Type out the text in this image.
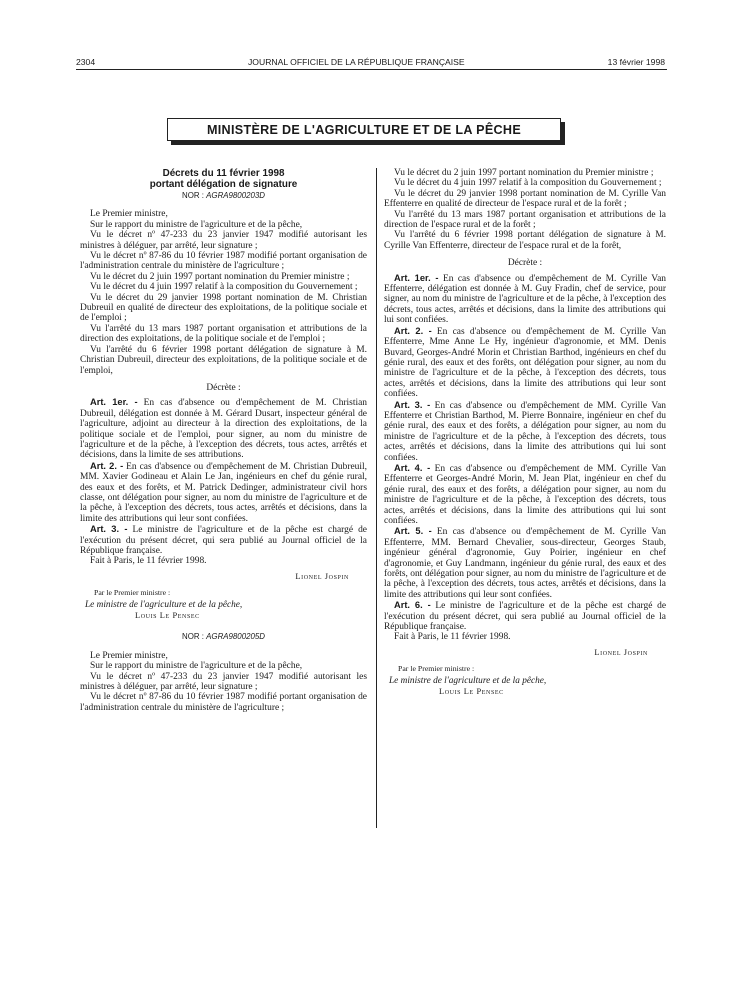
2304	JOURNAL OFFICIEL DE LA RÉPUBLIQUE FRANÇAISE	13 février 1998
MINISTÈRE DE L'AGRICULTURE ET DE LA PÊCHE
Décrets du 11 février 1998
portant délégation de signature
NOR : AGRA9800203D

Le Premier ministre,

Sur le rapport du ministre de l'agriculture et de la pêche,

Vu le décret nº 47-233 du 23 janvier 1947 modifié autorisant les ministres à déléguer, par arrêté, leur signature ;

Vu le décret nº 87-86 du 10 février 1987 modifié portant organisation de l'administration centrale du ministère de l'agriculture ;

Vu le décret du 2 juin 1997 portant nomination du Premier ministre ;

Vu le décret du 4 juin 1997 relatif à la composition du Gouvernement ;

Vu le décret du 29 janvier 1998 portant nomination de M. Christian Dubreuil en qualité de directeur des exploitations, de la politique sociale et de l'emploi ;

Vu l'arrêté du 13 mars 1987 portant organisation et attributions de la direction des exploitations, de la politique sociale et de l'emploi ;

Vu l'arrêté du 6 février 1998 portant délégation de signature à M. Christian Dubreuil, directeur des exploitations, de la politique sociale et de l'emploi,

Décrète :

Art. 1er. - En cas d'absence ou d'empêchement de M. Christian Dubreuil, délégation est donnée à M. Gérard Dusart, inspecteur général de l'agriculture, adjoint au directeur à la direction des exploitations, de la politique sociale et de l'emploi, pour signer, au nom du ministre de l'agriculture et de la pêche, à l'exception des décrets, tous actes, arrêtés et décisions, dans la limite de ses attributions.

Art. 2. - En cas d'absence ou d'empêchement de M. Christian Dubreuil, MM. Xavier Godineau et Alain Le Jan, ingénieurs en chef du génie rural, des eaux et des forêts, et M. Patrick Dedinger, administrateur civil hors classe, ont délégation pour signer, au nom du ministre de l'agriculture et de la pêche, à l'exception des décrets, tous actes, arrêtés et décisions, dans la limite des attributions qui leur sont confiées.

Art. 3. - Le ministre de l'agriculture et de la pêche est chargé de l'exécution du présent décret, qui sera publié au Journal officiel de la République française.

Fait à Paris, le 11 février 1998.

Lionel Jospin
Par le Premier ministre :
Le ministre de l'agriculture et de la pêche,
Louis Le Pensec
NOR : AGRA9800205D

Le Premier ministre,

Sur le rapport du ministre de l'agriculture et de la pêche,

Vu le décret nº 47-233 du 23 janvier 1947 modifié autorisant les ministres à déléguer, par arrêté, leur signature ;

Vu le décret nº 87-86 du 10 février 1987 modifié portant organisation de l'administration centrale du ministère de l'agriculture ;

Vu le décret du 2 juin 1997 portant nomination du Premier ministre ;

Vu le décret du 4 juin 1997 relatif à la composition du Gouvernement ;

Vu le décret du 29 janvier 1998 portant nomination de M. Cyrille Van Effenterre en qualité de directeur de l'espace rural et de la forêt ;

Vu l'arrêté du 13 mars 1987 portant organisation et attributions de la direction de l'espace rural et de la forêt ;

Vu l'arrêté du 6 février 1998 portant délégation de signature à M. Cyrille Van Effenterre, directeur de l'espace rural et de la forêt,

Décrète :

Art. 1er. - En cas d'absence ou d'empêchement de M. Cyrille Van Effenterre, délégation est donnée à M. Guy Fradin, chef de service, pour signer, au nom du ministre de l'agriculture et de la pêche, à l'exception des décrets, tous actes, arrêtés et décisions, dans la limite des attributions qui lui sont confiées.

Art. 2. - En cas d'absence ou d'empêchement de M. Cyrille Van Effenterre, Mme Anne Le Hy, ingénieur d'agronomie, et MM. Denis Buvard, Georges-André Morin et Christian Barthod, ingénieurs en chef du génie rural, des eaux et des forêts, ont délégation pour signer, au nom du ministre de l'agriculture et de la pêche, à l'exception des décrets, tous actes, arrêtés et décisions, dans la limite des attributions qui leur sont confiées.

Art. 3. - En cas d'absence ou d'empêchement de MM. Cyrille Van Effenterre et Christian Barthod, M. Pierre Bonnaire, ingénieur en chef du génie rural, des eaux et des forêts, a délégation pour signer, au nom du ministre de l'agriculture et de la pêche, à l'exception des décrets, tous actes, arrêtés et décisions, dans la limite des attributions qui lui sont confiées.

Art. 4. - En cas d'absence ou d'empêchement de MM. Cyrille Van Effenterre et Georges-André Morin, M. Jean Plat, ingénieur en chef du génie rural, des eaux et des forêts, a délégation pour signer, au nom du ministre de l'agriculture et de la pêche, à l'exception des décrets, tous actes, arrêtés et décisions, dans la limite des attributions qui lui sont confiées.

Art. 5. - En cas d'absence ou d'empêchement de M. Cyrille Van Effenterre, MM. Bernard Chevalier, sous-directeur, Georges Staub, ingénieur général d'agronomie, Guy Poirier, ingénieur en chef d'agronomie, et Guy Landmann, ingénieur du génie rural, des eaux et des forêts, ont délégation pour signer, au nom du ministre de l'agriculture et de la pêche, à l'exception des décrets, tous actes, arrêtés et décisions, dans la limite des attributions qui leur sont confiées.

Art. 6. - Le ministre de l'agriculture et de la pêche est chargé de l'exécution du présent décret, qui sera publié au Journal officiel de la République française.

Fait à Paris, le 11 février 1998.

Lionel Jospin
Par le Premier ministre :
Le ministre de l'agriculture et de la pêche,
Louis Le Pensec
